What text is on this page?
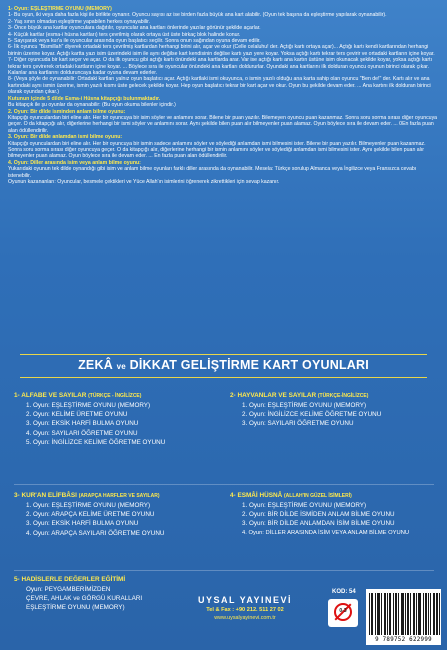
1- Oyun: EŞLEŞTİRME OYUNU (MEMORY)

1- Bu oyun, iki veya daha fazla kişi ile birlikte oynanır. Oyuncu sayısı az ise birden fazla büyük ana kart alabilir. (Oyun tek başına da eşleştirme yapılarak oynanabilir).

2- Yaş sınırı olmadan eşleştirme yapabilen herkes oynayabilir.

3- Önce büyük ana kartlar oyunculara dağıtılır, oyuncular ana kartları önlerinde yazılar görünür şekilde açarlar.

4- Küçük kartlar (esma-i hüsna kartları) ters çevrilmiş olarak ortaya üst üste birkaç blok halinde konur.

5- Sayışarak veya kur'a ile oyuncular arasında oyun başlatıcı seçilir. Sonra onun sağından oyuna devam edilir.

6- İlk oyuncu "Bismillah" diyerek ortadaki ters çevrilmiş kartlardan herhangi birini alır, açar ve okur (Celle celaluhu! der. Açtığı kartı ortaya açar)... Açtığı kartı kendi kartlarından herhangi birinin üzerine koyar. Açtığı kartta yazı isim üzerindeki isim ile aynı değilse kart kendisinin değilse kartı yazı yere koyar. Yoksa açtığı kartı tekrar ters çevirir ve ortadaki kartların içine koyar.

7- Diğer oyuncuda bir kart seçer ve açar. O da ilk oyuncu gibi açtığı kartı önündeki ana kartlarda arar. Var ise açtığı kartı ana kartın üstüne isim okunacak şekilde koyar, yoksa açtığı kartı tekrar ters çevirerek ortadaki kartların içine koyar. ... Böylece sıra ile oyuncular önündeki ana kartları doldururlar. Oyundaki ana kartlarını ilk dolduran oyuncu oyunun birinci olarak çıkar. Kalanlar ana kartlarını dolduruncaya kadar oyuna devam ederler.

8- (Veya şöyle de oynanabilir: Ortadaki kartları yalnız oyun başlatıcı açar. Açtığı kartlaki ismi okuyunca, o ismin yazılı olduğu ana karta sahip olan oyuncu "Ben de!" der. Kartı alır ve ana kartındaki aynı ismin üzerine, ismin yazılı kısmı üste gelecek şekilde koyar. Hep oyun başlatıcı tekrar bir kart açar ve okur. Oyun bu şekilde devam eder. ... Ana kartını ilk dolduran birinci olarak oyundan çıkar.)

Kutunun içinde 5 dilde Esma-i Hüsna kitapçığı bulunmaktadır.

Bu kitapçık ile şu oyunlar da oynanabilir: (Bu oyun okuma bilenler içindir.)

2. Oyun: Bir dilde isminden anlam bilme oyunu:

Kitapçığı oyunculardan biri eline alır. Her bir oyuncuya bir isim söyler ve anlamını sorar. Bilene bir puan yazılır. Bilemeyen oyuncu puan kazanmaz. Sonra soru sorma sırası diğer oyuncuya geçer. O da kitapçığı alır, diğerlerine herhangi bir ismi söyler ve anlamını sorar. Aynı şekilde bilen puan alır bilmeyenler puan alamaz. Oyun böylece sıra ile devam eder. ... 0En fazla puan alan ödüllendirilir.

3. Oyun: Bir dilde anlamdan ismi bilme oyunu:

Kitapçığı oyunculardan biri eline alır. Her bir oyuncuya bir ismin sadece anlamını söyler ve söylediği anlamdan ismi bilmesini ister. Bilene bir puan yazılır. Bilmeyenler puan kazanmaz. Sonra soru sorma sırası diğer oyuncuya geçer. O da kitapçığı alır, diğerlerine herhangi bir ismin anlamını söyler ve söylediği anlamdan ismi bilmesini ister. Aynı şekilde bilen puan alır bilmeyenler puan alamaz. Oyun böylece sıra ile devam eder. ... En fazla puan alan ödüllendirilir.

4. Oyun: Diller arasında isim veya anlam bilme oyunu:

Yukarıdaki oyunun tek dilde oynandığı gibi isim ve anlam bilme oyunları farklı diller arasında da oynanabilir. Mesela: Türkçe sorulup Almanca veya İngilizce veya Fransızca cevabı istenebilir.

Oyunun kazananları: Oyuncular, besmele çektikleri ve Yüce Allah'ın isimlerini öğrenerek zikrettikleri için sevap kazanır.

ZEKÂ ve DİKKAT GELİŞTİRME KART OYUNLARI
1- ALFABE VE SAYILAR (TÜRKÇE - İNGİLİZCE)
1. Oyun: EŞLEŞTİRME OYUNU (MEMORY)
2. Oyun: KELİME ÜRETME OYUNU
3. Oyun: EKSİK HARFİ BULMA OYUNU
4. Oyun: SAYILARI ÖĞRETME OYUNU
5. Oyun: İNGİLİZCE KELİME ÖĞRETME OYUNU
2- HAYVANLAR VE SAYILAR (TÜRKÇE-İNGİLİZCE)
1. Oyun: EŞLEŞTİRME OYUNU (MEMORY)
2. Oyun: İNGİLİZCE KELİME ÖĞRETME OYUNU
3. Oyun: SAYILARI ÖĞRETME OYUNU
3- KUR'AN ELİFBÂSI (ARAPÇA HARFLER VE SAYILAR)
1. Oyun: EŞLEŞTİRME OYUNU (MEMORY)
2. Oyun: ARAPÇA KELİME ÜRETME OYUNU
3. Oyun: EKSİK HARFİ BULMA OYUNU
4. Oyun: ARAPÇA SAYILARI ÖĞRETME OYUNU
4- ESMÂİ HÜSNÂ (ALLAH'IN GÜZEL İSİMLERİ)
1. Oyun: EŞLEŞTİRME OYUNU (MEMORY)
2. Oyun: BİR DİLDE İSMİDEN ANLAM BİLME OYUNU
3. Oyun: BİR DİLDE ANLAMDAN İSİM BİLME OYUNU
4. Oyun: DİLLER ARASINDA İSİM VEYA ANLAM BİLME OYUNU
5- HADİSLERLE DEĞERLER EĞİTİMİ
Oyun: PEYGAMBERİMİZDEN
ÇEVRE, AHLAK ve GÖRGÜ KURALLARI
EŞLEŞTİRME OYUNU (MEMORY)
UYSAL YAYINEVİ
Tel & Fax : +90 212. 511 27 02
www.uysalyayinevi.com.tr
KOD: 54
0-3
9 789752 622999
